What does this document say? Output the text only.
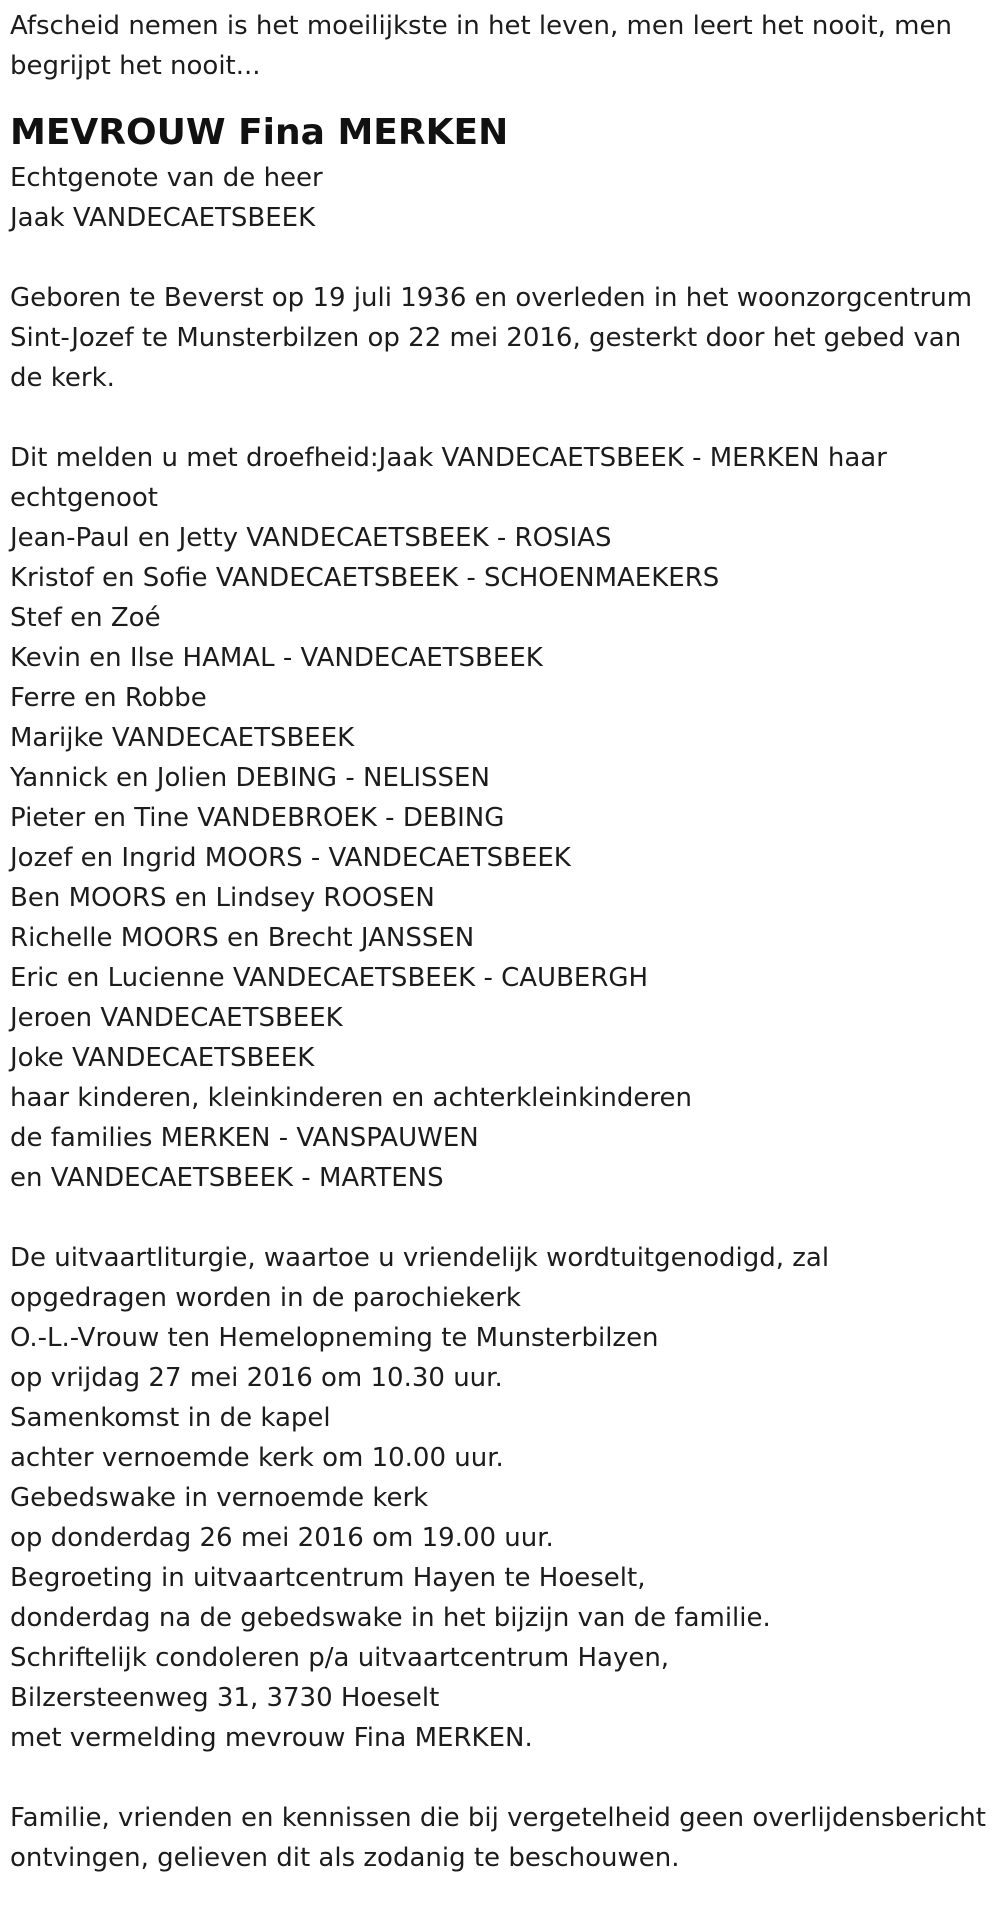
Afscheid nemen is het moeilijkste in het leven, men leert het nooit, men begrijpt het nooit...

MEVROUW Fina MERKEN

Echtgenote van de heer
Jaak VANDECAETSBEEK

Geboren te Beverst op 19 juli 1936 en overleden in het woonzorgcentrum Sint-Jozef te Munsterbilzen op 22 mei 2016, gesterkt door het gebed van de kerk.

Dit melden u met droefheid:Jaak VANDECAETSBEEK - MERKEN haar echtgenoot
Jean-Paul en Jetty VANDECAETSBEEK - ROSIAS
Kristof en Sofie VANDECAETSBEEK - SCHOENMAEKERS
Stef en Zoé
Kevin en Ilse HAMAL - VANDECAETSBEEK
Ferre en Robbe
Marijke VANDECAETSBEEK
Yannick en Jolien DEBING - NELISSEN
Pieter en Tine VANDEBROEK - DEBING
Jozef en Ingrid MOORS - VANDECAETSBEEK
Ben MOORS en Lindsey ROOSEN
Richelle MOORS en Brecht JANSSEN
Eric en Lucienne VANDECAETSBEEK - CAUBERGH
Jeroen VANDECAETSBEEK
Joke VANDECAETSBEEK
haar kinderen, kleinkinderen en achterkleinkinderen
de families MERKEN - VANSPAUWEN
en VANDECAETSBEEK - MARTENS

De uitvaartliturgie, waartoe u vriendelijk wordtuitgenodigd, zal opgedragen worden in de parochiekerk
O.-L.-Vrouw ten Hemelopneming te Munsterbilzen
op vrijdag 27 mei 2016 om 10.30 uur.
Samenkomst in de kapel
achter vernoemde kerk om 10.00 uur.
Gebedswake in vernoemde kerk
op donderdag 26 mei 2016 om 19.00 uur.
Begroeting in uitvaartcentrum Hayen te Hoeselt,
donderdag na de gebedswake in het bijzijn van de familie.
Schriftelijk condoleren p/a uitvaartcentrum Hayen,
Bilzersteenweg 31, 3730 Hoeselt
met vermelding mevrouw Fina MERKEN.

Familie, vrienden en kennissen die bij vergetelheid geen overlijdensbericht ontvingen, gelieven dit als zodanig te beschouwen.
